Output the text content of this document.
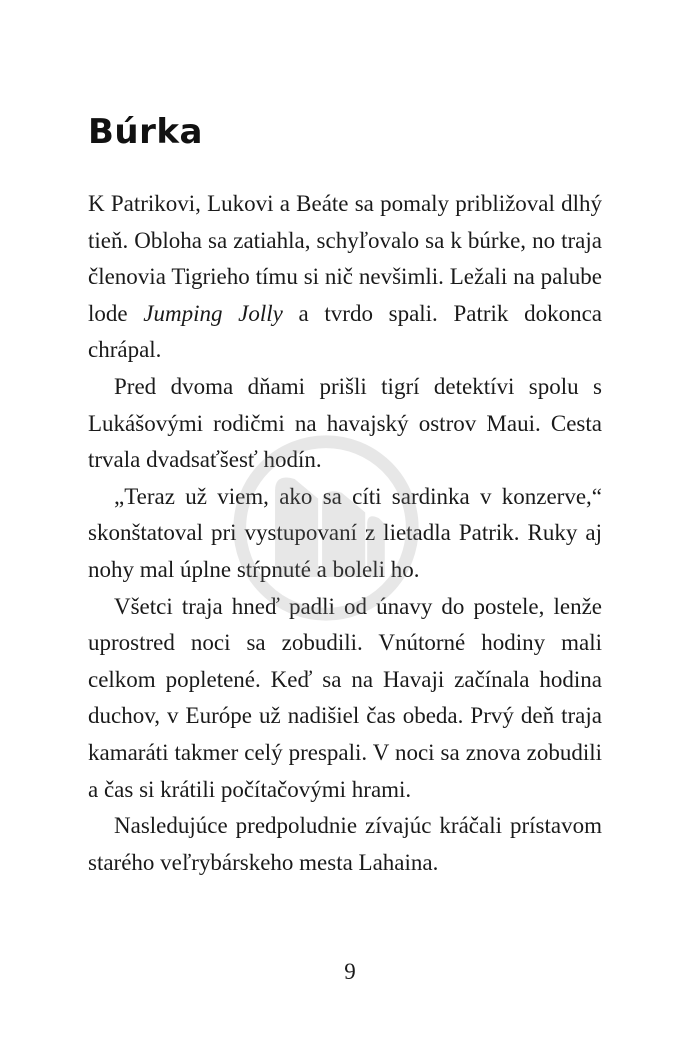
Búrka

K Patrikovi, Lukovi a Beáte sa pomaly približoval dlhý tieň. Obloha sa zatiahla, schyľovalo sa k búrke, no traja členovia Tigrieho tímu si nič nevšimli. Ležali na palube lode Jumping Jolly a tvrdo spali. Patrik dokonca chrápal.

Pred dvoma dňami prišli tigrí detektívi spolu s Lukášovými rodičmi na havajský ostrov Maui. Cesta trvala dvadsaťšesť hodín.

„Teraz už viem, ako sa cíti sardinka v konzerve,“ skonštatoval pri vystupovaní z lietadla Patrik. Ruky aj nohy mal úplne stŕpnuté a boleli ho.

Všetci traja hneď padli od únavy do postele, lenže uprostred noci sa zobudili. Vnútorné hodiny mali celkom popletené. Keď sa na Havaji začínala hodina duchov, v Európe už nadišiel čas obeda. Prvý deň traja kamaráti takmer celý prespali. V noci sa znova zobudili a čas si krátili počítačovými hrami.

Nasledujúce predpoludnie zívajúc kráčali prístavom starého veľrybárskeho mesta Lahaina.

9
